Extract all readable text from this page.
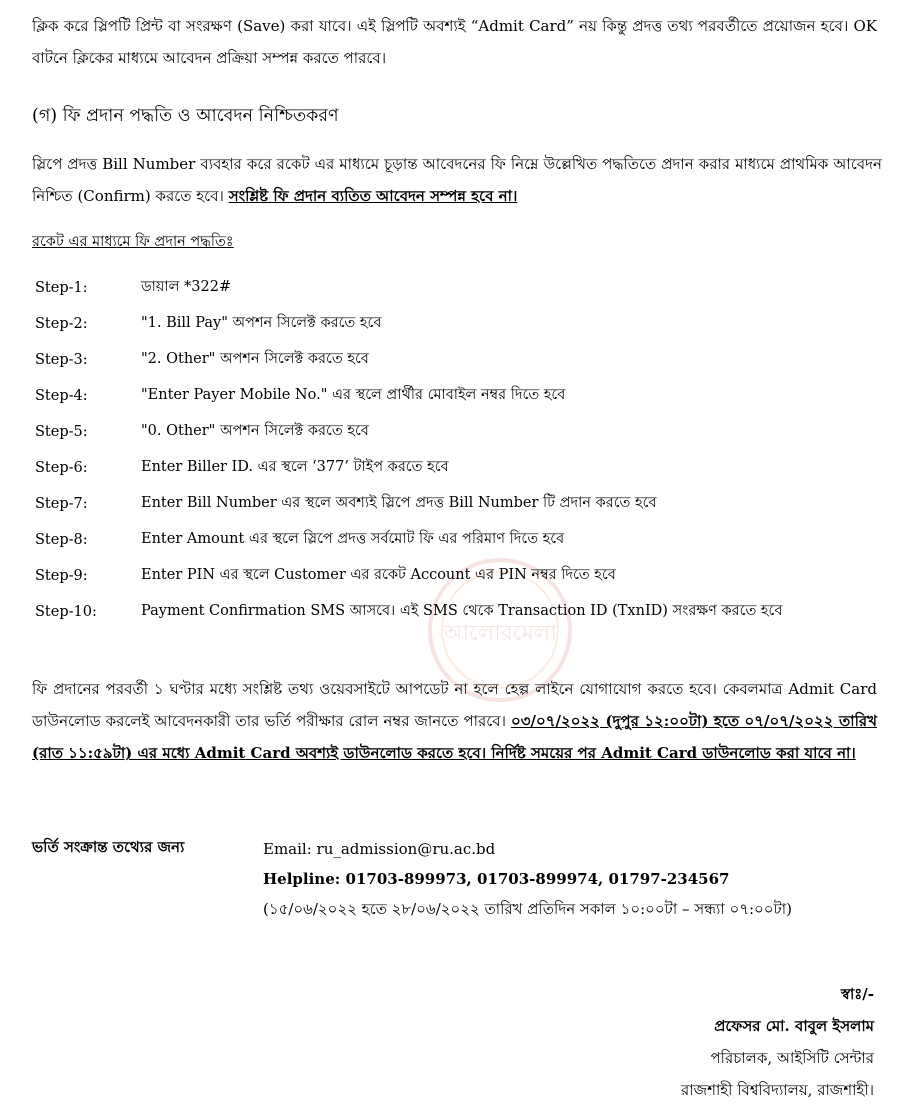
আলোরমেলা
ক্লিক করে স্লিপটি প্রিন্ট বা সংরক্ষণ (Save) করা যাবে। এই স্লিপটি অবশ্যই “Admit Card” নয় কিন্তু প্রদত্ত তথ্য পরবর্তীতে প্রয়োজন হবে। OK বাটনে ক্লিকের মাধ্যমে আবেদন প্রক্রিয়া সম্পন্ন করতে পারবে।
(গ) ফি প্রদান পদ্ধতি ও আবেদন নিশ্চিতকরণ
স্লিপে প্রদত্ত Bill Number ব্যবহার করে রকেট এর মাধ্যমে চূড়ান্ত আবেদনের ফি নিম্নে উল্লেখিত পদ্ধতিতে প্রদান করার মাধ্যমে প্রাথমিক আবেদন নিশ্চিত (Confirm) করতে হবে। সংশ্লিষ্ট ফি প্রদান ব্যতিত আবেদন সম্পন্ন হবে না।
রকেট এর মাধ্যমে ফি প্রদান পদ্ধতিঃ
Step-1:	ডায়াল *322#
Step-2:	"1. Bill Pay" অপশন সিলেক্ট করতে হবে
Step-3:	"2. Other" অপশন সিলেক্ট করতে হবে
Step-4:	"Enter Payer Mobile No." এর স্থলে প্রার্থীর মোবাইল নম্বর দিতে হবে
Step-5:	"0. Other" অপশন সিলেক্ট করতে হবে
Step-6:	Enter Biller ID. এর স্থলে ‘377’ টাইপ করতে হবে
Step-7:	Enter Bill Number এর স্থলে অবশ্যই স্লিপে প্রদত্ত Bill Number টি প্রদান করতে হবে
Step-8:	Enter Amount এর স্থলে স্লিপে প্রদত্ত সর্বমোট ফি এর পরিমাণ দিতে হবে
Step-9:	Enter PIN এর স্থলে Customer এর রকেট Account এর PIN নম্বর দিতে হবে
Step-10:	Payment Confirmation SMS আসবে। এই SMS থেকে Transaction ID (TxnID) সংরক্ষণ করতে হবে
ফি প্রদানের পরবর্তী ১ ঘণ্টার মধ্যে সংশ্লিষ্ট তথ্য ওয়েবসাইটে আপডেট না হলে হেল্প লাইনে যোগাযোগ করতে হবে। কেবলমাত্র Admit Card ডাউনলোড করলেই আবেদনকারী তার ভর্তি পরীক্ষার রোল নম্বর জানতে পারবে। ০৩/০৭/২০২২ (দুপুর ১২:০০টা) হতে ০৭/০৭/২০২২ তারিখ (রাত ১১:৫৯টা) এর মধ্যে Admit Card অবশ্যই ডাউনলোড করতে হবে। নির্দিষ্ট সময়ের পর Admit Card ডাউনলোড করা যাবে না।
ভর্তি সংক্রান্ত তথ্যের জন্য	Email: ru_admission@ru.ac.bd
Helpline: 01703-899973, 01703-899974, 01797-234567
(১৫/০৬/২০২২ হতে ২৮/০৬/২০২২ তারিখ প্রতিদিন সকাল ১০:০০টা – সন্ধ্যা ০৭:০০টা)
স্বাঃ/-
প্রফেসর মো. বাবুল ইসলাম
পরিচালক, আইসিটি সেন্টার
রাজশাহী বিশ্ববিদ্যালয়, রাজশাহী।
